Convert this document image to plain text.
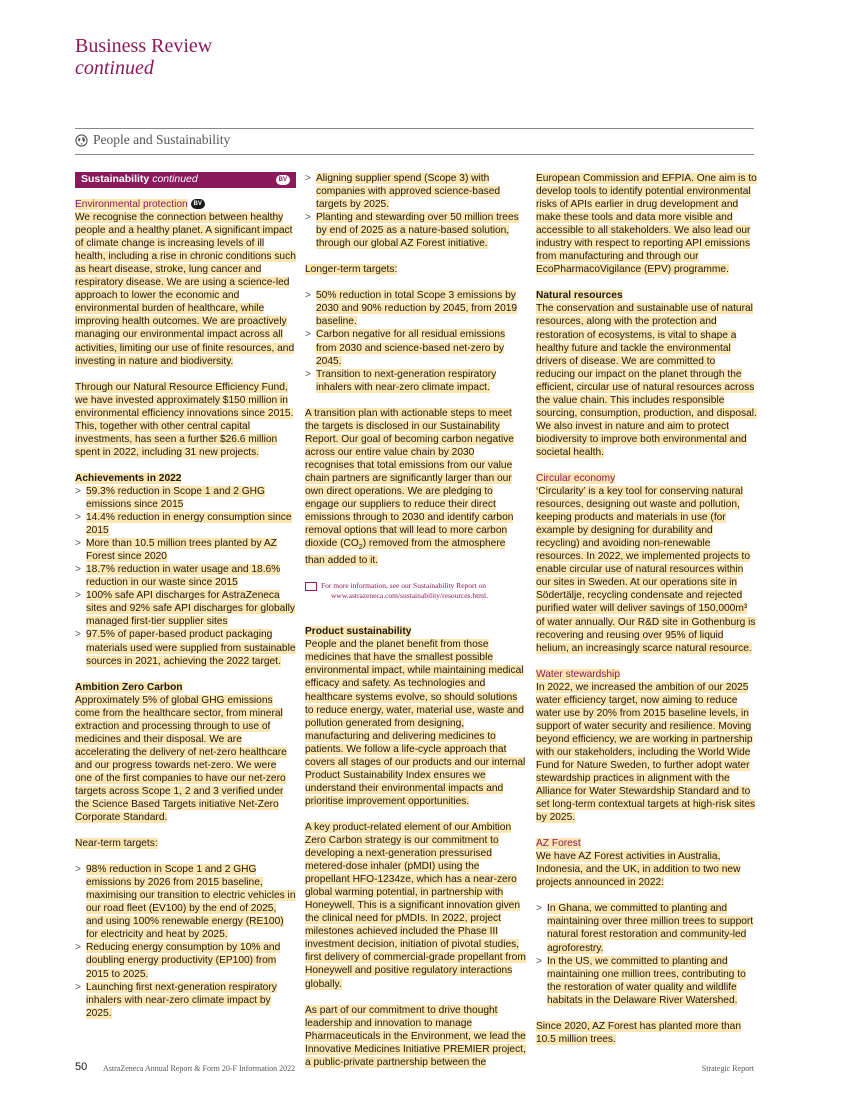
Business Review
continued
People and Sustainability
Sustainability continued	BV

Environmental protection BV

We recognise the connection between healthy people and a healthy planet. A significant impact of climate change is increasing levels of ill health, including a rise in chronic conditions such as heart disease, stroke, lung cancer and respiratory disease. We are using a science-led approach to lower the economic and environmental burden of healthcare, while improving health outcomes. We are proactively managing our environmental impact across all activities, limiting our use of finite resources, and investing in nature and biodiversity.

Through our Natural Resource Efficiency Fund, we have invested approximately $150 million in environmental efficiency innovations since 2015. This, together with other central capital investments, has seen a further $26.6 million spent in 2022, including 31 new projects.

Achievements in 2022

> 59.3% reduction in Scope 1 and 2 GHG emissions since 2015
> 14.4% reduction in energy consumption since 2015
> More than 10.5 million trees planted by AZ Forest since 2020
> 18.7% reduction in water usage and 18.6% reduction in our waste since 2015
> 100% safe API discharges for AstraZeneca sites and 92% safe API discharges for globally managed first-tier supplier sites
> 97.5% of paper-based product packaging materials used were supplied from sustainable sources in 2021, achieving the 2022 target.

Ambition Zero Carbon

Approximately 5% of global GHG emissions come from the healthcare sector, from mineral extraction and processing through to use of medicines and their disposal. We are accelerating the delivery of net-zero healthcare and our progress towards net-zero. We were one of the first companies to have our net-zero targets across Scope 1, 2 and 3 verified under the Science Based Targets initiative Net-Zero Corporate Standard.

Near-term targets:

> 98% reduction in Scope 1 and 2 GHG emissions by 2026 from 2015 baseline, maximising our transition to electric vehicles in our road fleet (EV100) by the end of 2025, and using 100% renewable energy (RE100) for electricity and heat by 2025.
> Reducing energy consumption by 10% and doubling energy productivity (EP100) from 2015 to 2025.
> Launching first next-generation respiratory inhalers with near-zero climate impact by 2025.
> Aligning supplier spend (Scope 3) with companies with approved science-based targets by 2025.
> Planting and stewarding over 50 million trees by end of 2025 as a nature-based solution, through our global AZ Forest initiative.

Longer-term targets:

> 50% reduction in total Scope 3 emissions by 2030 and 90% reduction by 2045, from 2019 baseline.
> Carbon negative for all residual emissions from 2030 and science-based net-zero by 2045.
> Transition to next-generation respiratory inhalers with near-zero climate impact.

A transition plan with actionable steps to meet the targets is disclosed in our Sustainability Report. Our goal of becoming carbon negative across our entire value chain by 2030 recognises that total emissions from our value chain partners are significantly larger than our own direct operations. We are pledging to engage our suppliers to reduce their direct emissions through to 2030 and identify carbon removal options that will lead to more carbon dioxide $(CO_2)$ removed from the atmosphere than added to it.

For more information, see our Sustainability Report on
www.astrazeneca.com/sustainability/resources.html.

Product sustainability

People and the planet benefit from those medicines that have the smallest possible environmental impact, while maintaining medical efficacy and safety. As technologies and healthcare systems evolve, so should solutions to reduce energy, water, material use, waste and pollution generated from designing, manufacturing and delivering medicines to patients. We follow a life-cycle approach that covers all stages of our products and our internal Product Sustainability Index ensures we understand their environmental impacts and prioritise improvement opportunities.

A key product-related element of our Ambition Zero Carbon strategy is our commitment to developing a next-generation pressurised metered-dose inhaler (pMDI) using the propellant HFO-1234ze, which has a near-zero global warming potential, in partnership with Honeywell. This is a significant innovation given the clinical need for pMDIs. In 2022, project milestones achieved included the Phase III investment decision, initiation of pivotal studies, first delivery of commercial-grade propellant from Honeywell and positive regulatory interactions globally.

As part of our commitment to drive thought leadership and innovation to manage Pharmaceuticals in the Environment, we lead the Innovative Medicines Initiative PREMIER project, a public-private partnership between the

European Commission and EFPIA. One aim is to develop tools to identify potential environmental risks of APIs earlier in drug development and make these tools and data more visible and accessible to all stakeholders. We also lead our industry with respect to reporting API emissions from manufacturing and through our EcoPharmacoVigilance (EPV) programme.

Natural resources

The conservation and sustainable use of natural resources, along with the protection and restoration of ecosystems, is vital to shape a healthy future and tackle the environmental drivers of disease. We are committed to reducing our impact on the planet through the efficient, circular use of natural resources across the value chain. This includes responsible sourcing, consumption, production, and disposal. We also invest in nature and aim to protect biodiversity to improve both environmental and societal health.

Circular economy

‘Circularity’ is a key tool for conserving natural resources, designing out waste and pollution, keeping products and materials in use (for example by designing for durability and recycling) and avoiding non-renewable resources. In 2022, we implemented projects to enable circular use of natural resources within our sites in Sweden. At our operations site in Södertälje, recycling condensate and rejected purified water will deliver savings of 150,000m³ of water annually. Our R&D site in Gothenburg is recovering and reusing over 95% of liquid helium, an increasingly scarce natural resource.

Water stewardship

In 2022, we increased the ambition of our 2025 water efficiency target, now aiming to reduce water use by 20% from 2015 baseline levels, in support of water security and resilience. Moving beyond efficiency, we are working in partnership with our stakeholders, including the World Wide Fund for Nature Sweden, to further adopt water stewardship practices in alignment with the Alliance for Water Stewardship Standard and to set long-term contextual targets at high-risk sites by 2025.

AZ Forest

We have AZ Forest activities in Australia, Indonesia, and the UK, in addition to two new projects announced in 2022:

> In Ghana, we committed to planting and maintaining over three million trees to support natural forest restoration and community-led agroforestry.
> In the US, we committed to planting and maintaining one million trees, contributing to the restoration of water quality and wildlife habitats in the Delaware River Watershed.

Since 2020, AZ Forest has planted more than 10.5 million trees.

50 AstraZeneca Annual Report & Form 20-F Information 2022	Strategic Report
